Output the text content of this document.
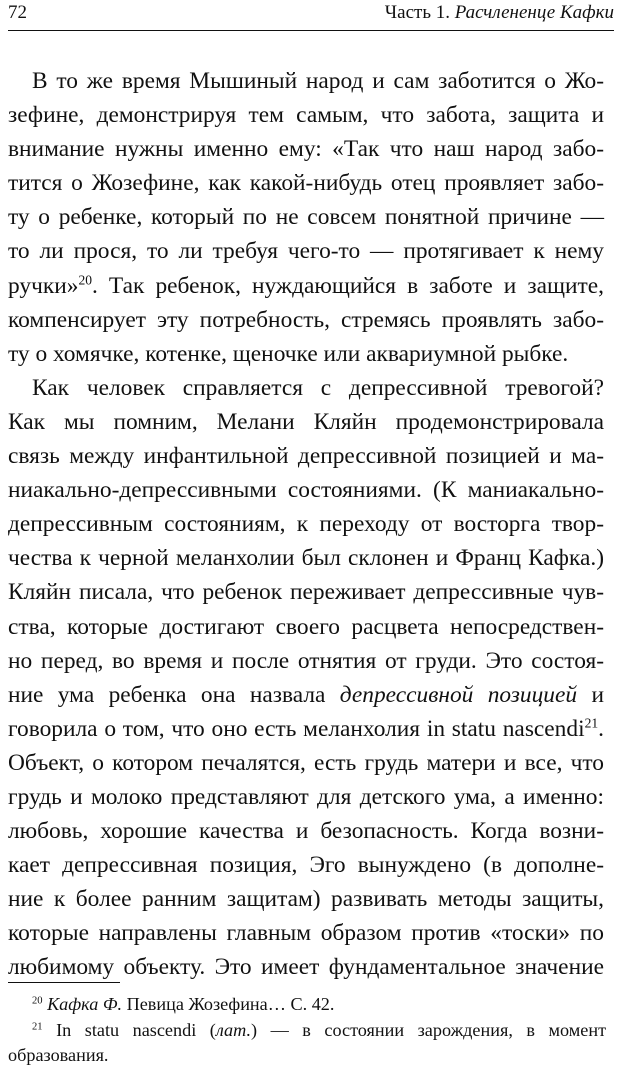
72	Часть 1. Расчлененце Кафки
В то же время Мышиный народ и сам заботится о Жо-
зефине, демонстрируя тем самым, что забота, защита и
внимание нужны именно ему: «Так что наш народ забо-
тится о Жозефине, как какой-нибудь отец проявляет забо-
ту о ребенке, который по не совсем понятной причине —
то ли прося, то ли требуя чего-то — протягивает к нему
ручки»$^{20}$. Так ребенок, нуждающийся в заботе и защите,
компенсирует эту потребность, стремясь проявлять забо-
ту о хомячке, котенке, щеночке или аквариумной рыбке.
Как человек справляется с депрессивной тревогой?
Как мы помним, Мелани Кляйн продемонстрировала
связь между инфантильной депрессивной позицией и ма-
ниакально-депрессивными состояниями. (К маниакально-
депрессивным состояниям, к переходу от восторга твор-
чества к черной меланхолии был склонен и Франц Кафка.)
Кляйн писала, что ребенок переживает депрессивные чув-
ства, которые достигают своего расцвета непосредствен-
но перед, во время и после отнятия от груди. Это состоя-
ние ума ребенка она назвала депрессивной позицией и
говорила о том, что оно есть меланхолия in statu nascendi$^{21}$.
Объект, о котором печалятся, есть грудь матери и все, что
грудь и молоко представляют для детского ума, а именно:
любовь, хорошие качества и безопасность. Когда возни-
кает депрессивная позиция, Эго вынуждено (в дополне-
ние к более ранним защитам) развивать методы защиты,
которые направлены главным образом против «тоски» по
любимому объекту. Это имеет фундаментальное значение
$^{20}$ Кафка Ф. Певица Жозефина… С. 42.
$^{21}$ In statu nascendi (лат.) — в состоянии зарождения, в момент
образования.
